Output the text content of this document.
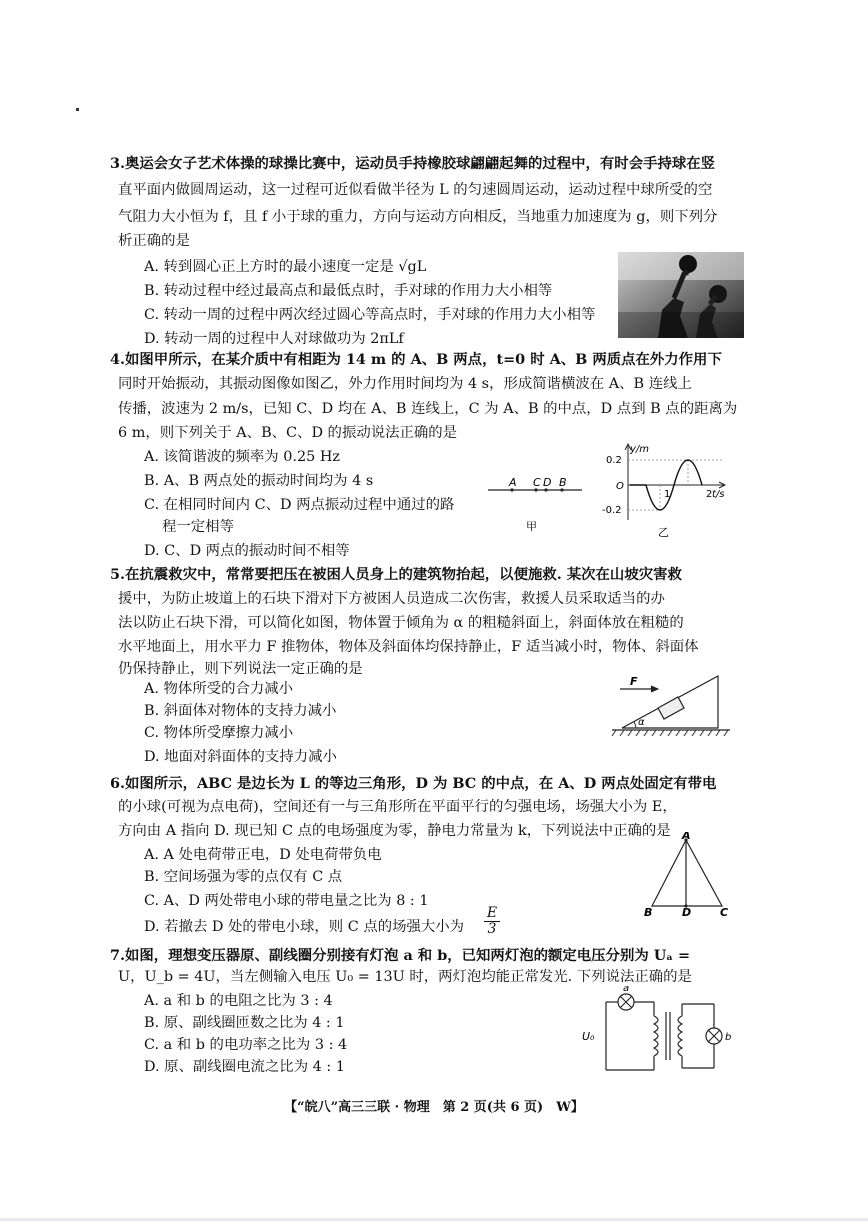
3.奥运会女子艺术体操的球操比赛中，运动员手持橡胶球翩翩起舞的过程中，有时会手持球在竖
直平面内做圆周运动，这一过程可近似看做半径为 L 的匀速圆周运动，运动过程中球所受的空
气阻力大小恒为 f，且 f 小于球的重力，方向与运动方向相反，当地重力加速度为 g，则下列分
析正确的是
A. 转到圆心正上方时的最小速度一定是 √gL
B. 转动过程中经过最高点和最低点时，手对球的作用力大小相等
C. 转动一周的过程中两次经过圆心等高点时，手对球的作用力大小相等
D. 转动一周的过程中人对球做功为 2πLf
4.如图甲所示，在某介质中有相距为 14 m 的 A、B 两点，t=0 时 A、B 两质点在外力作用下
同时开始振动，其振动图像如图乙，外力作用时间均为 4 s，形成简谐横波在 A、B 连线上
传播，波速为 2 m/s，已知 C、D 均在 A、B 连线上，C 为 A、B 的中点，D 点到 B 点的距离为
6 m，则下列关于 A、B、C、D 的振动说法正确的是
A. 该简谐波的频率为 0.25 Hz
B. A、B 两点处的振动时间均为 4 s
C. 在相同时间内 C、D 两点振动过程中通过的路
程一定相等
D. C、D 两点的振动时间不相等
A C D B
甲
y/m
0.2
-0.2
O
1	2 t/s
乙
5.在抗震救灾中，常常要把压在被困人员身上的建筑物抬起，以便施救. 某次在山坡灾害救
援中，为防止坡道上的石块下滑对下方被困人员造成二次伤害，救援人员采取适当的办
法以防止石块下滑，可以简化如图，物体置于倾角为 α 的粗糙斜面上，斜面体放在粗糙的
水平地面上，用水平力 F 推物体，物体及斜面体均保持静止，F 适当减小时，物体、斜面体
仍保持静止，则下列说法一定正确的是
A. 物体所受的合力减小
B. 斜面体对物体的支持力减小
C. 物体所受摩擦力减小
D. 地面对斜面体的支持力减小
F
α
6.如图所示，ABC 是边长为 L 的等边三角形，D 为 BC 的中点，在 A、D 两点处固定有带电
的小球(可视为点电荷)，空间还有一与三角形所在平面平行的匀强电场，场强大小为 E，
方向由 A 指向 D. 现已知 C 点的电场强度为零，静电力常量为 k，下列说法中正确的是
A. A 处电荷带正电，D 处电荷带负电
B. 空间场强为零的点仅有 C 点
C. A、D 两处带电小球的带电量之比为 8 : 1
D. 若撤去 D 处的带电小球，则 C 点的场强大小为 $\frac{E}{3}$
A
B	D	C
7.如图，理想变压器原、副线圈分别接有灯泡 a 和 b，已知两灯泡的额定电压分别为 Uₐ =
U，U_b = 4U，当左侧输入电压 U₀ = 13U 时，两灯泡均能正常发光. 下列说法正确的是
A. a 和 b 的电阻之比为 3 : 4
B. 原、副线圈匝数之比为 4 : 1
C. a 和 b 的电功率之比为 3 : 4
D. 原、副线圈电流之比为 4 : 1
a
b
U₀
【“皖八”高三三联 · 物理　第 2 页(共 6 页)　W】
